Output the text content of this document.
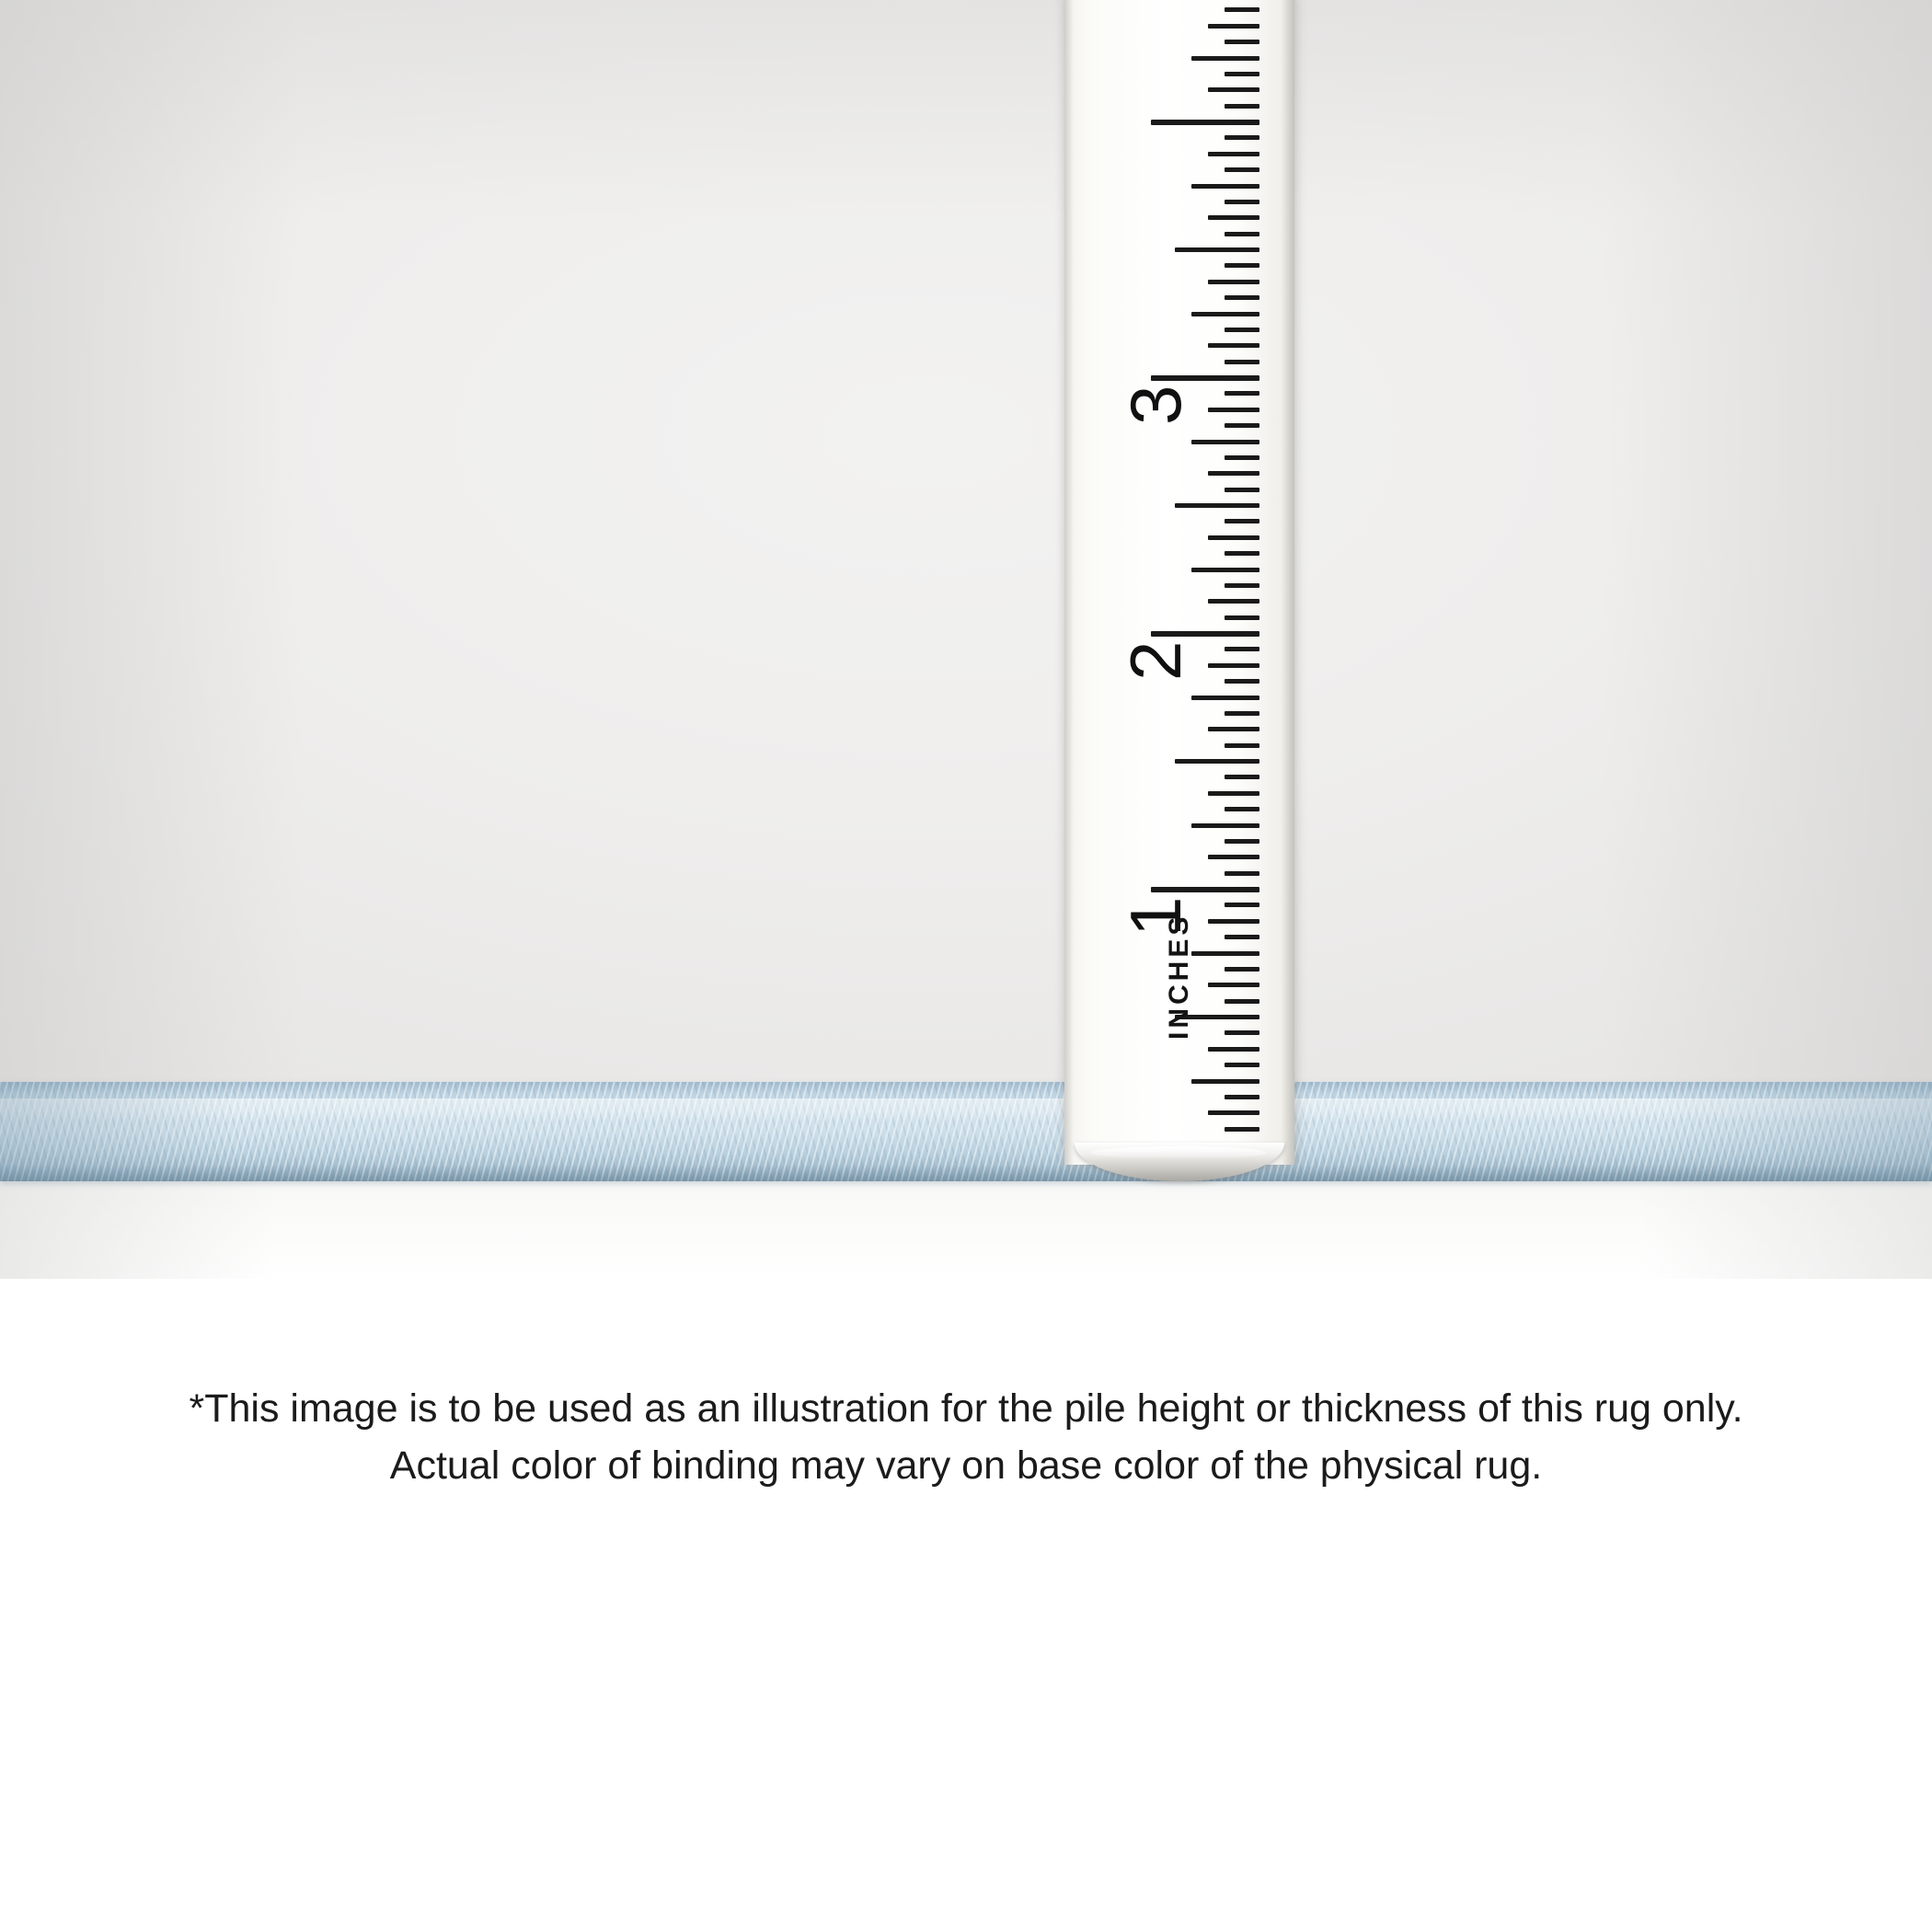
1
2
3
INCHES
*This image is to be used as an illustration for the pile height or thickness of this rug only.
Actual color of binding may vary on base color of the physical rug.
